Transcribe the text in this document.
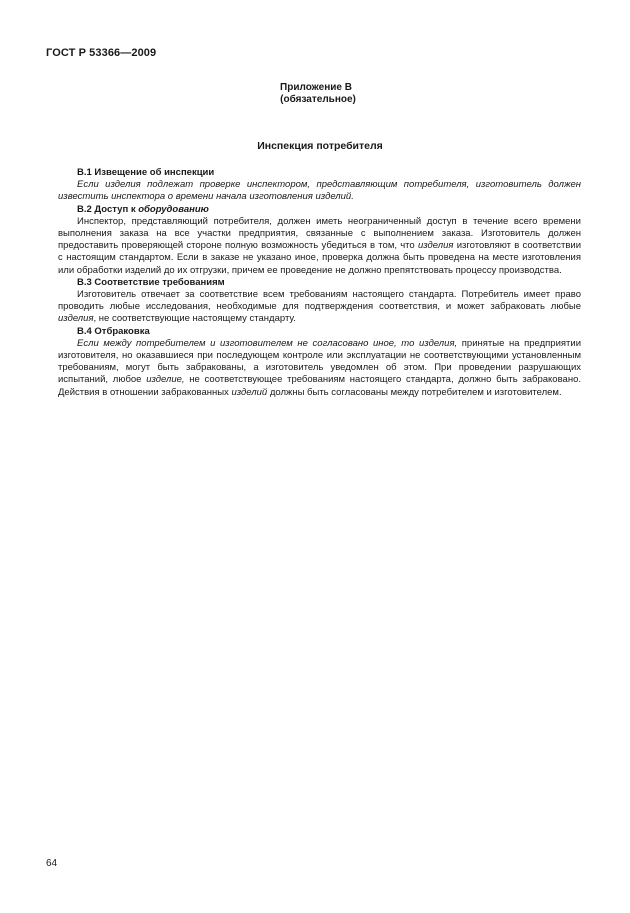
ГОСТ Р 53366—2009
Приложение В
(обязательное)
Инспекция потребителя
В.1 Извещение об инспекции

Если изделия подлежат проверке инспектором, представляющим потребителя, изготовитель должен известить инспектора о времени начала изготовления изделий.

В.2 Доступ к оборудованию

Инспектор, представляющий потребителя, должен иметь неограниченный доступ в течение всего времени выполнения заказа на все участки предприятия, связанные с выполнением заказа. Изготовитель должен предоставить проверяющей стороне полную возможность убедиться в том, что изделия изготовляют в соответствии с настоящим стандартом. Если в заказе не указано иное, проверка должна быть проведена на месте изготовления или обработки изделий до их отгрузки, причем ее проведение не должно препятствовать процессу производства.

В.3 Соответствие требованиям

Изготовитель отвечает за соответствие всем требованиям настоящего стандарта. Потребитель имеет право проводить любые исследования, необходимые для подтверждения соответствия, и может забраковать любые изделия, не соответствующие настоящему стандарту.

В.4 Отбраковка

Если между потребителем и изготовителем не согласовано иное, то изделия, принятые на предприятии изготовителя, но оказавшиеся при последующем контроле или эксплуатации не соответствующими установленным требованиям, могут быть забракованы, а изготовитель уведомлен об этом. При проведении разрушающих испытаний, любое изделие, не соответствующее требованиям настоящего стандарта, должно быть забраковано. Действия в отношении забракованных изделий должны быть согласованы между потребителем и изготовителем.

64
